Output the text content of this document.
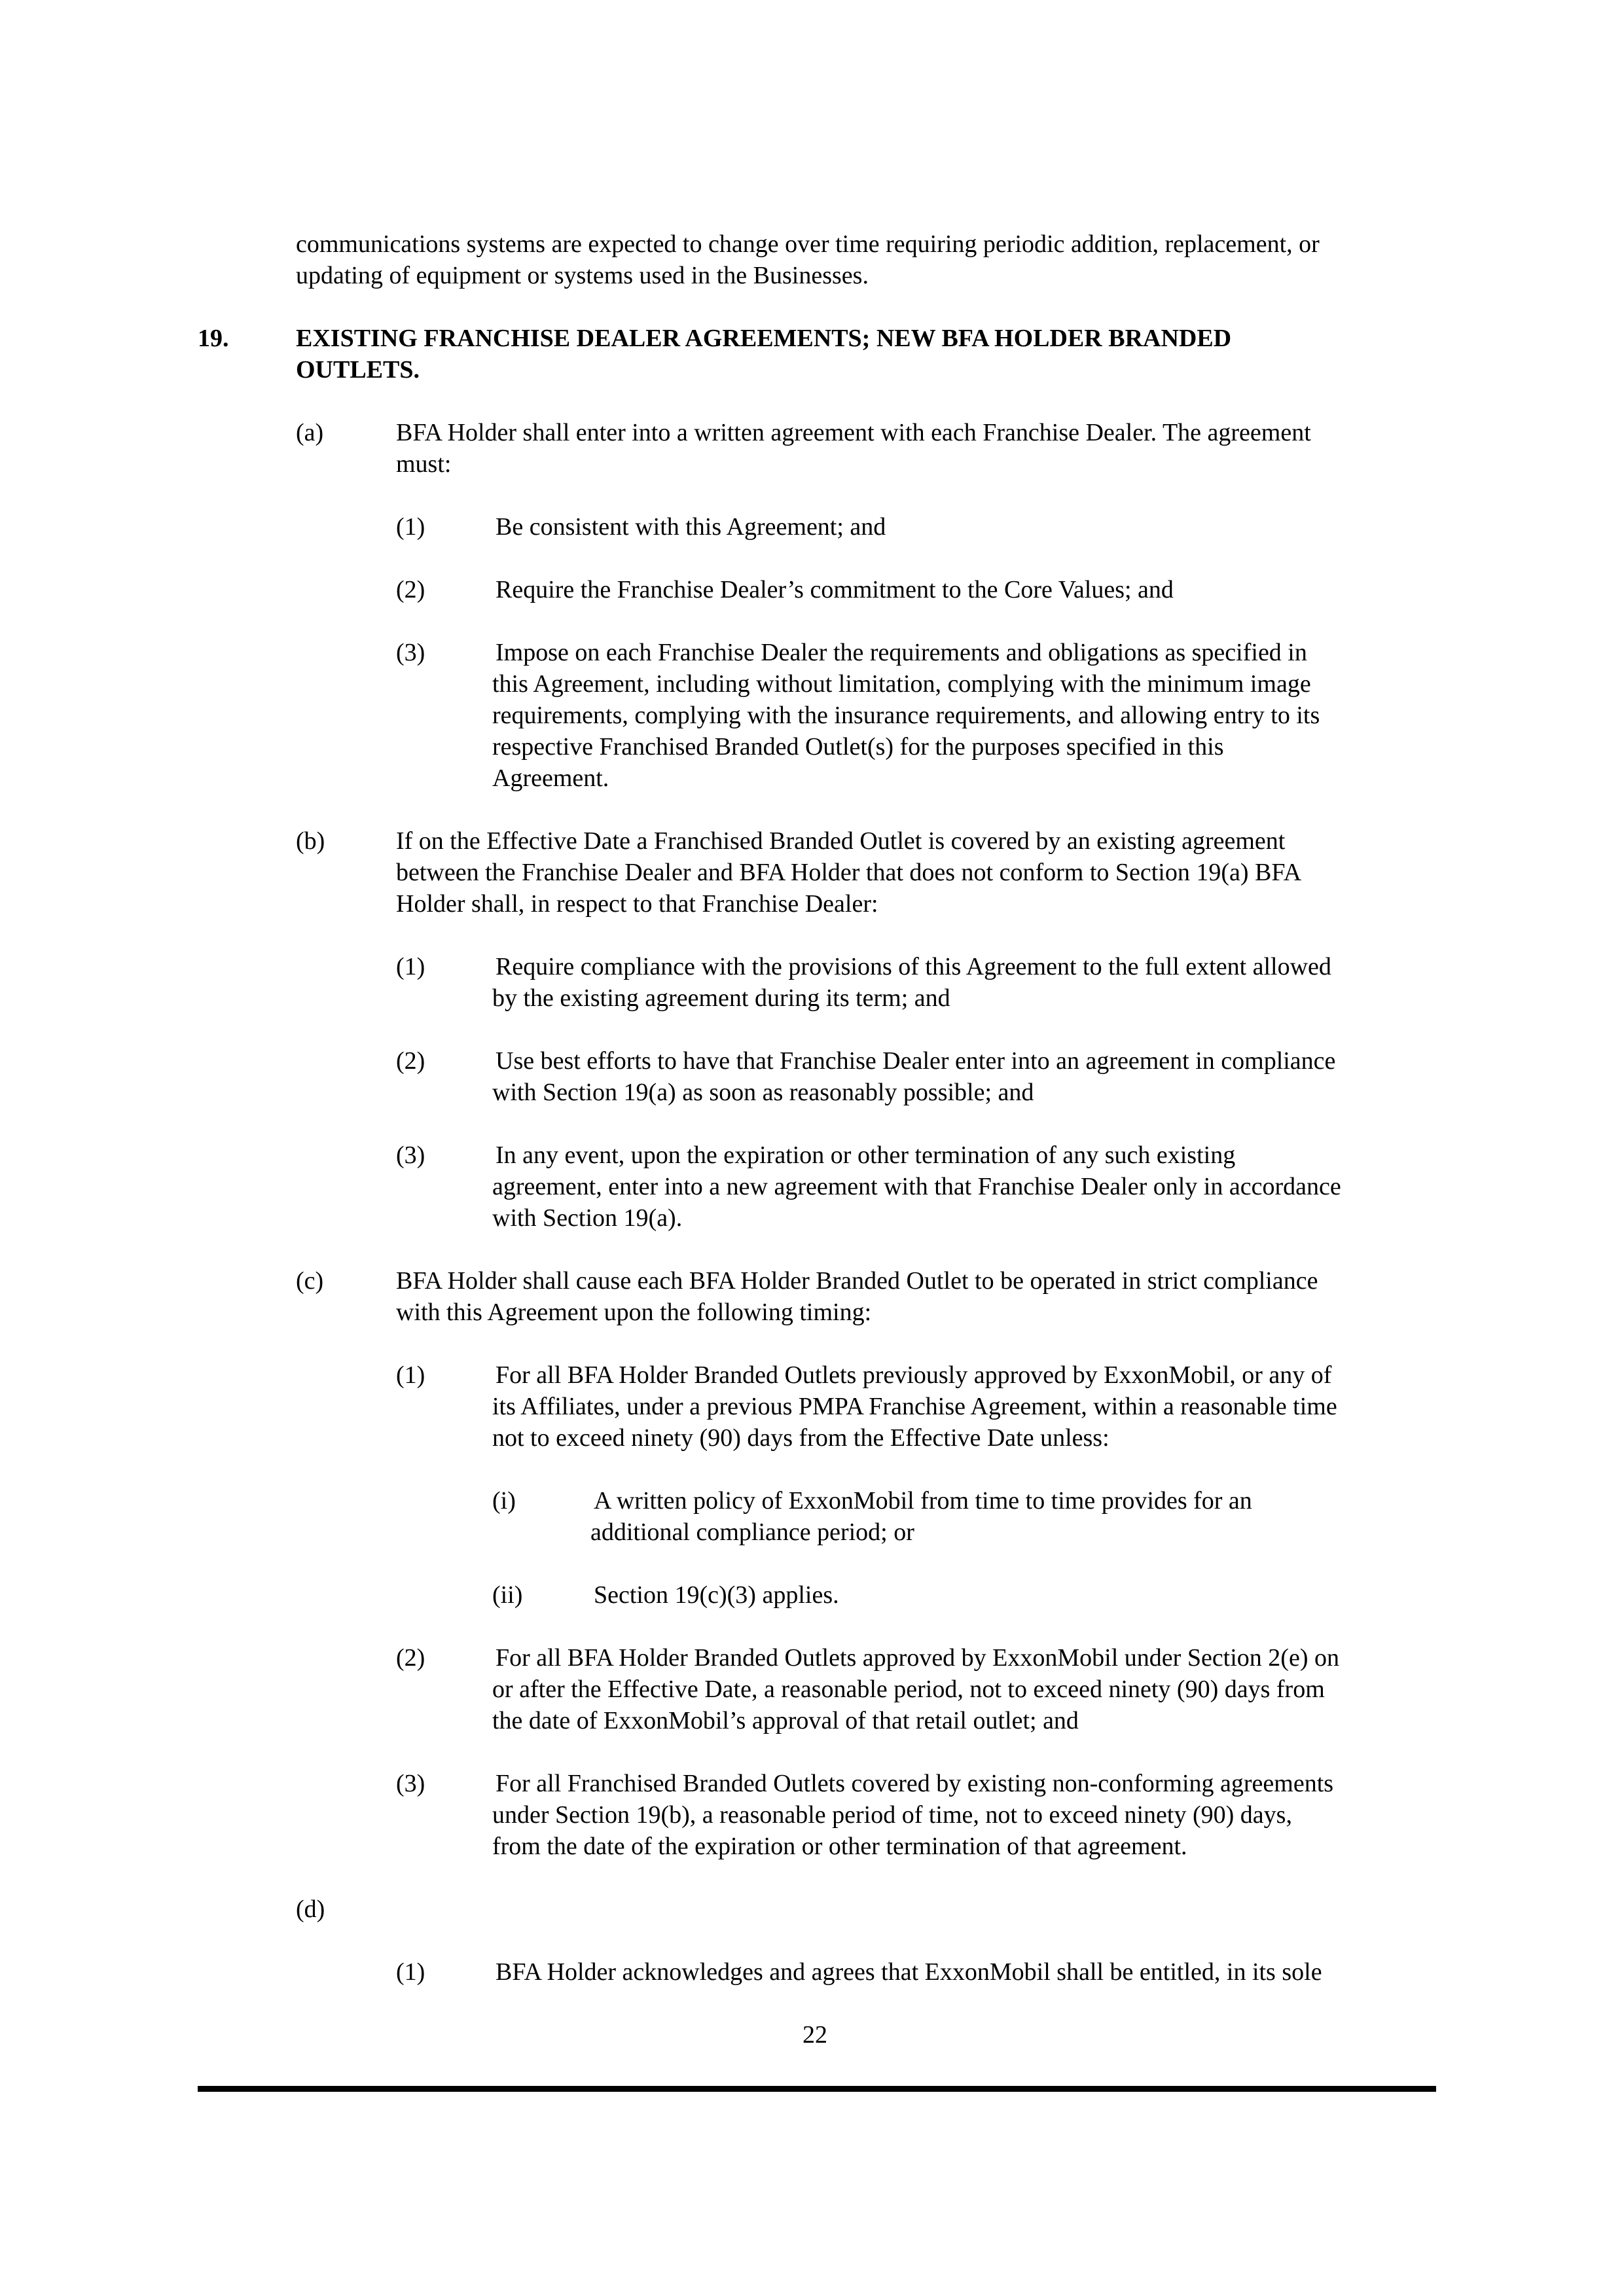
communications systems are expected to change over time requiring periodic addition, replacement, or
updating of equipment or systems used in the Businesses.
19.	EXISTING FRANCHISE DEALER AGREEMENTS; NEW BFA HOLDER BRANDED
OUTLETS.
(a)	BFA Holder shall enter into a written agreement with each Franchise Dealer. The agreement
must:
(1)	Be consistent with this Agreement; and
(2)	Require the Franchise Dealer’s commitment to the Core Values; and
(3)	Impose on each Franchise Dealer the requirements and obligations as specified in
this Agreement, including without limitation, complying with the minimum image
requirements, complying with the insurance requirements, and allowing entry to its
respective Franchised Branded Outlet(s) for the purposes specified in this
Agreement.
(b)	If on the Effective Date a Franchised Branded Outlet is covered by an existing agreement
between the Franchise Dealer and BFA Holder that does not conform to Section 19(a) BFA
Holder shall, in respect to that Franchise Dealer:
(1)	Require compliance with the provisions of this Agreement to the full extent allowed
by the existing agreement during its term; and
(2)	Use best efforts to have that Franchise Dealer enter into an agreement in compliance
with Section 19(a) as soon as reasonably possible; and
(3)	In any event, upon the expiration or other termination of any such existing
agreement, enter into a new agreement with that Franchise Dealer only in accordance
with Section 19(a).
(c)	BFA Holder shall cause each BFA Holder Branded Outlet to be operated in strict compliance
with this Agreement upon the following timing:
(1)	For all BFA Holder Branded Outlets previously approved by ExxonMobil, or any of
its Affiliates, under a previous PMPA Franchise Agreement, within a reasonable time
not to exceed ninety (90) days from the Effective Date unless:
(i)	A written policy of ExxonMobil from time to time provides for an
additional compliance period; or
(ii)	Section 19(c)(3) applies.
(2)	For all BFA Holder Branded Outlets approved by ExxonMobil under Section 2(e) on
or after the Effective Date, a reasonable period, not to exceed ninety (90) days from
the date of ExxonMobil’s approval of that retail outlet; and
(3)	For all Franchised Branded Outlets covered by existing non-conforming agreements
under Section 19(b), a reasonable period of time, not to exceed ninety (90) days,
from the date of the expiration or other termination of that agreement.
(d)
(1)	BFA Holder acknowledges and agrees that ExxonMobil shall be entitled, in its sole
22
